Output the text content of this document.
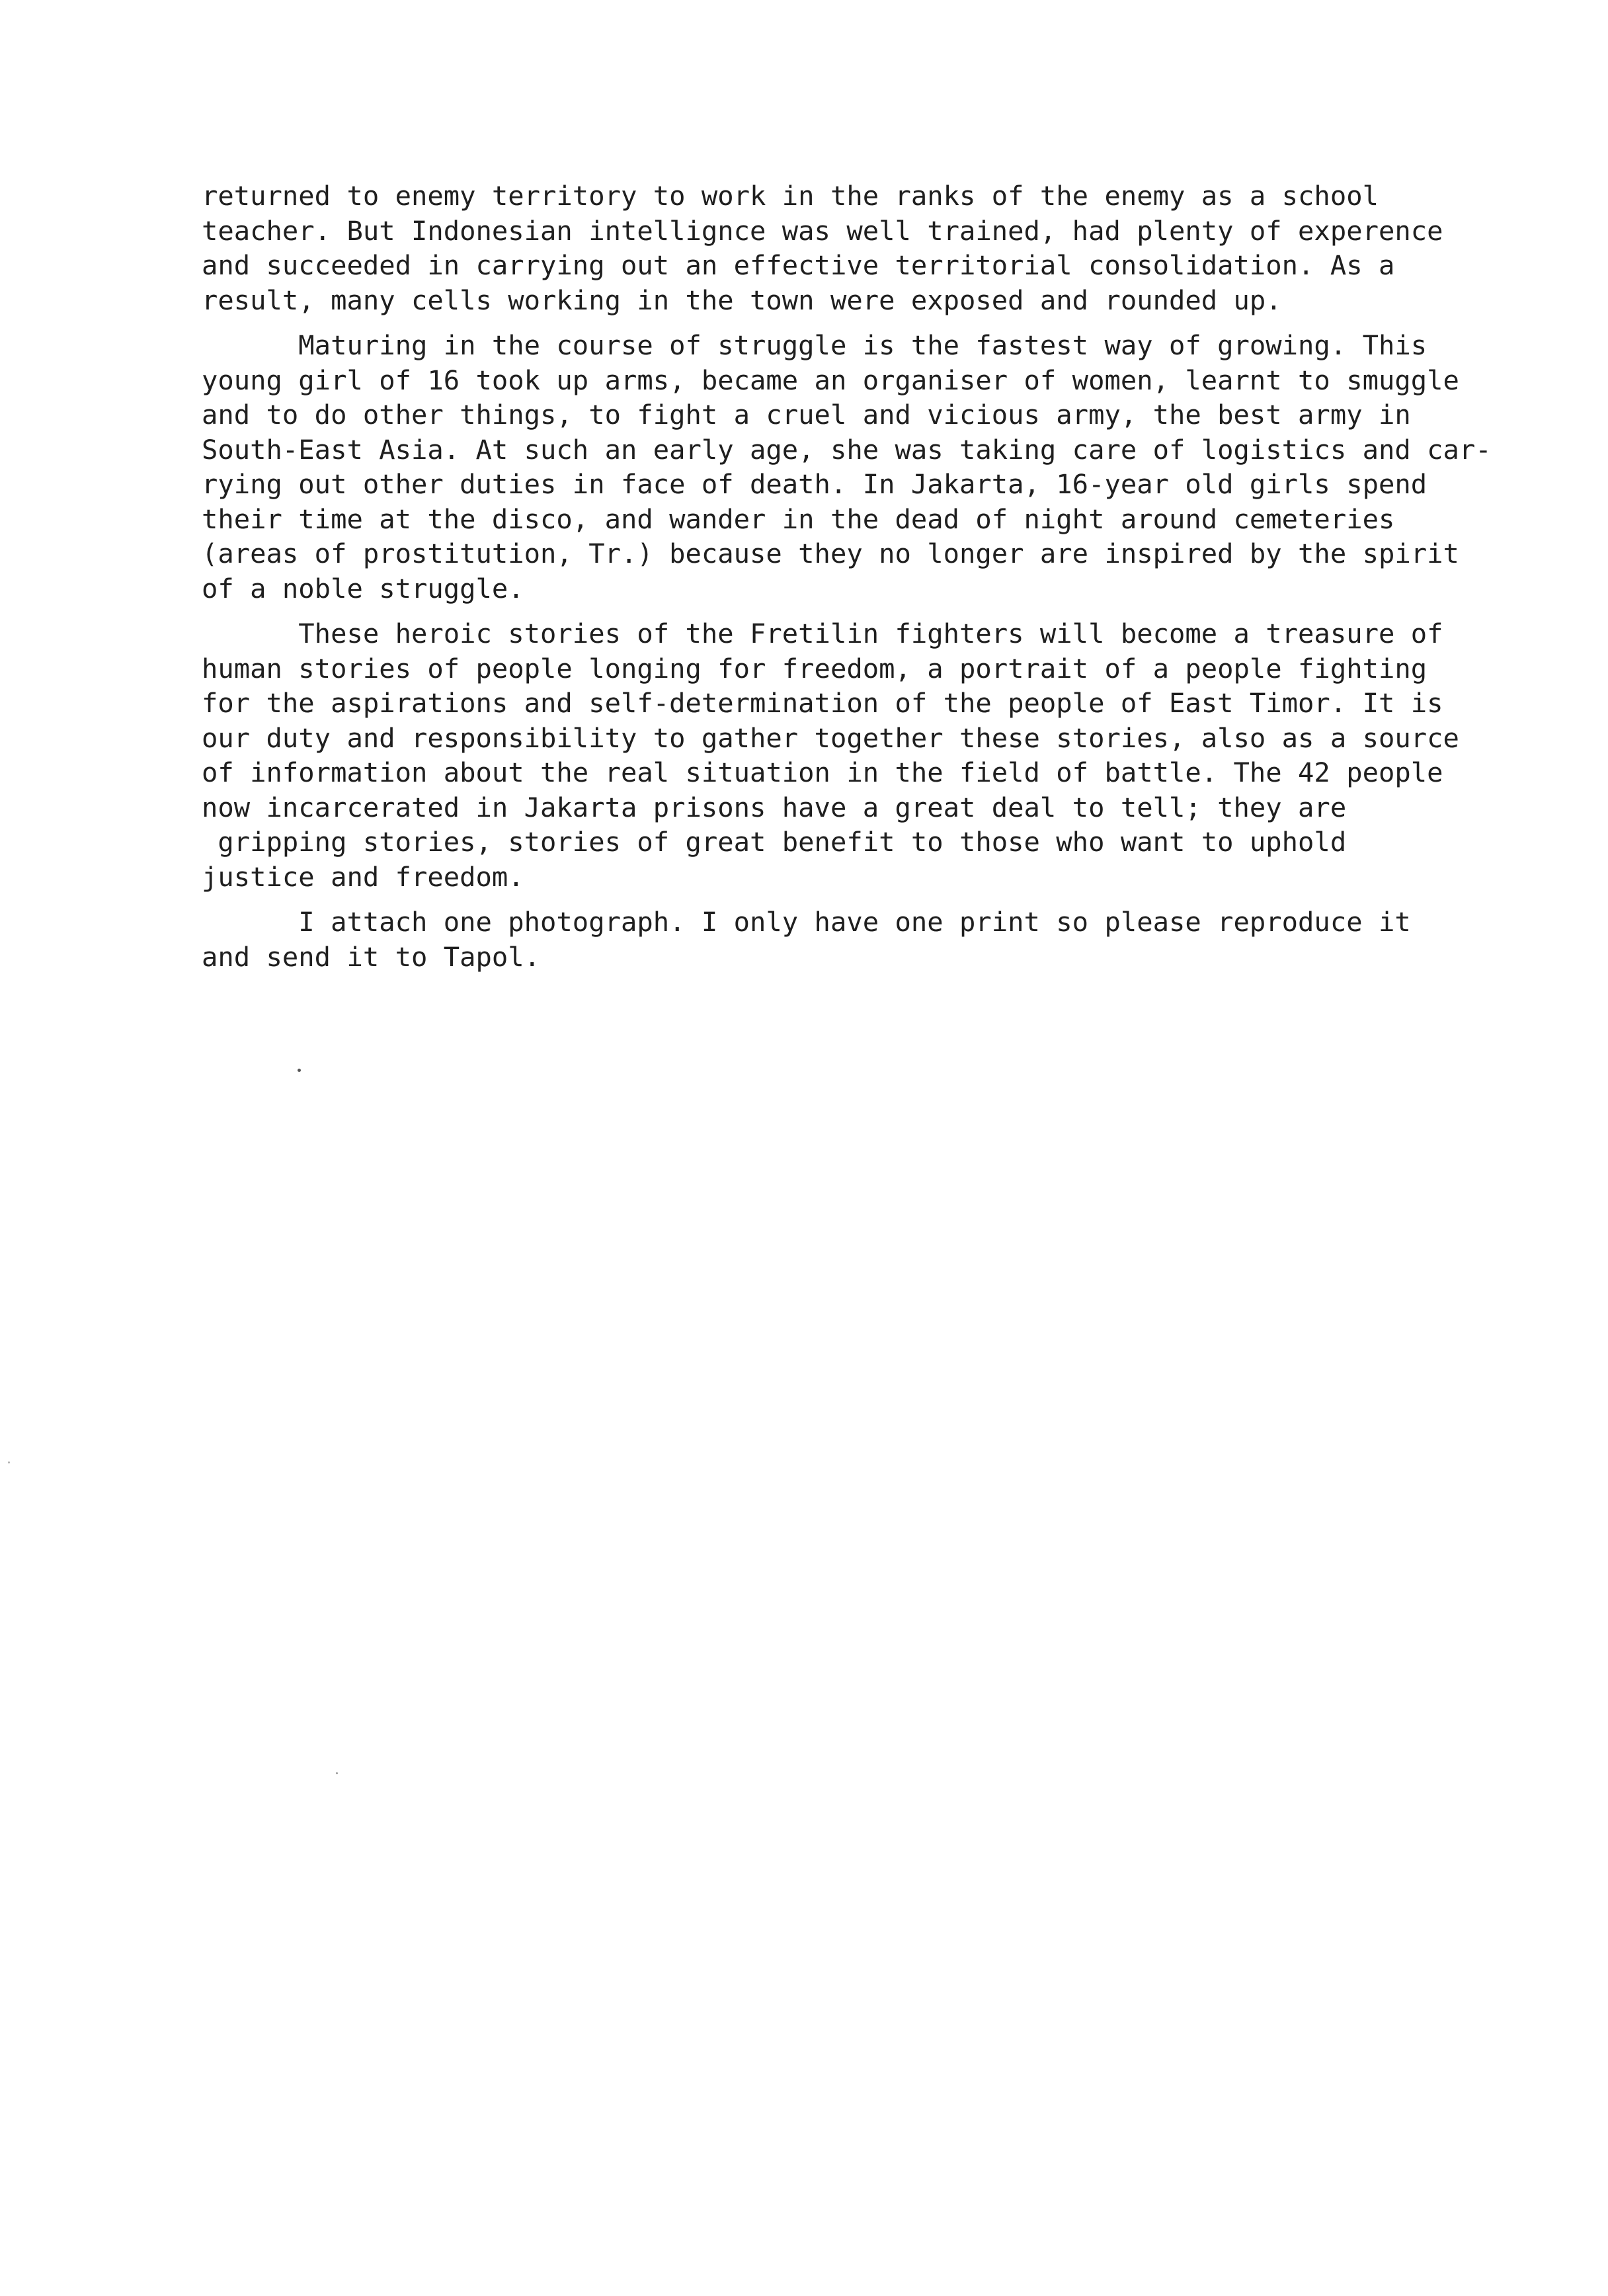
returned to enemy territory to work in the ranks of the enemy as a school
teacher. But Indonesian intellignce was well trained, had plenty of experence
and succeeded in carrying out an effective territorial consolidation. As a
result, many cells working in the town were exposed and rounded up.

Maturing in the course of struggle is the fastest way of growing. This
young girl of 16 took up arms, became an organiser of women, learnt to smuggle
and to do other things, to fight a cruel and vicious army, the best army in
South-East Asia. At such an early age, she was taking care of logistics and car-
rying out other duties in face of death. In Jakarta, 16-year old girls spend
their time at the disco, and wander in the dead of night around cemeteries
(areas of prostitution, Tr.) because they no longer are inspired by the spirit
of a noble struggle.

These heroic stories of the Fretilin fighters will become a treasure of
human stories of people longing for freedom, a portrait of a people fighting
for the aspirations and self-determination of the people of East Timor. It is
our duty and responsibility to gather together these stories, also as a source
of information about the real situation in the field of battle. The 42 people
now incarcerated in Jakarta prisons have a great deal to tell; they are
gripping stories, stories of great benefit to those who want to uphold
justice and freedom.

I attach one photograph. I only have one print so please reproduce it
and send it to Tapol.
